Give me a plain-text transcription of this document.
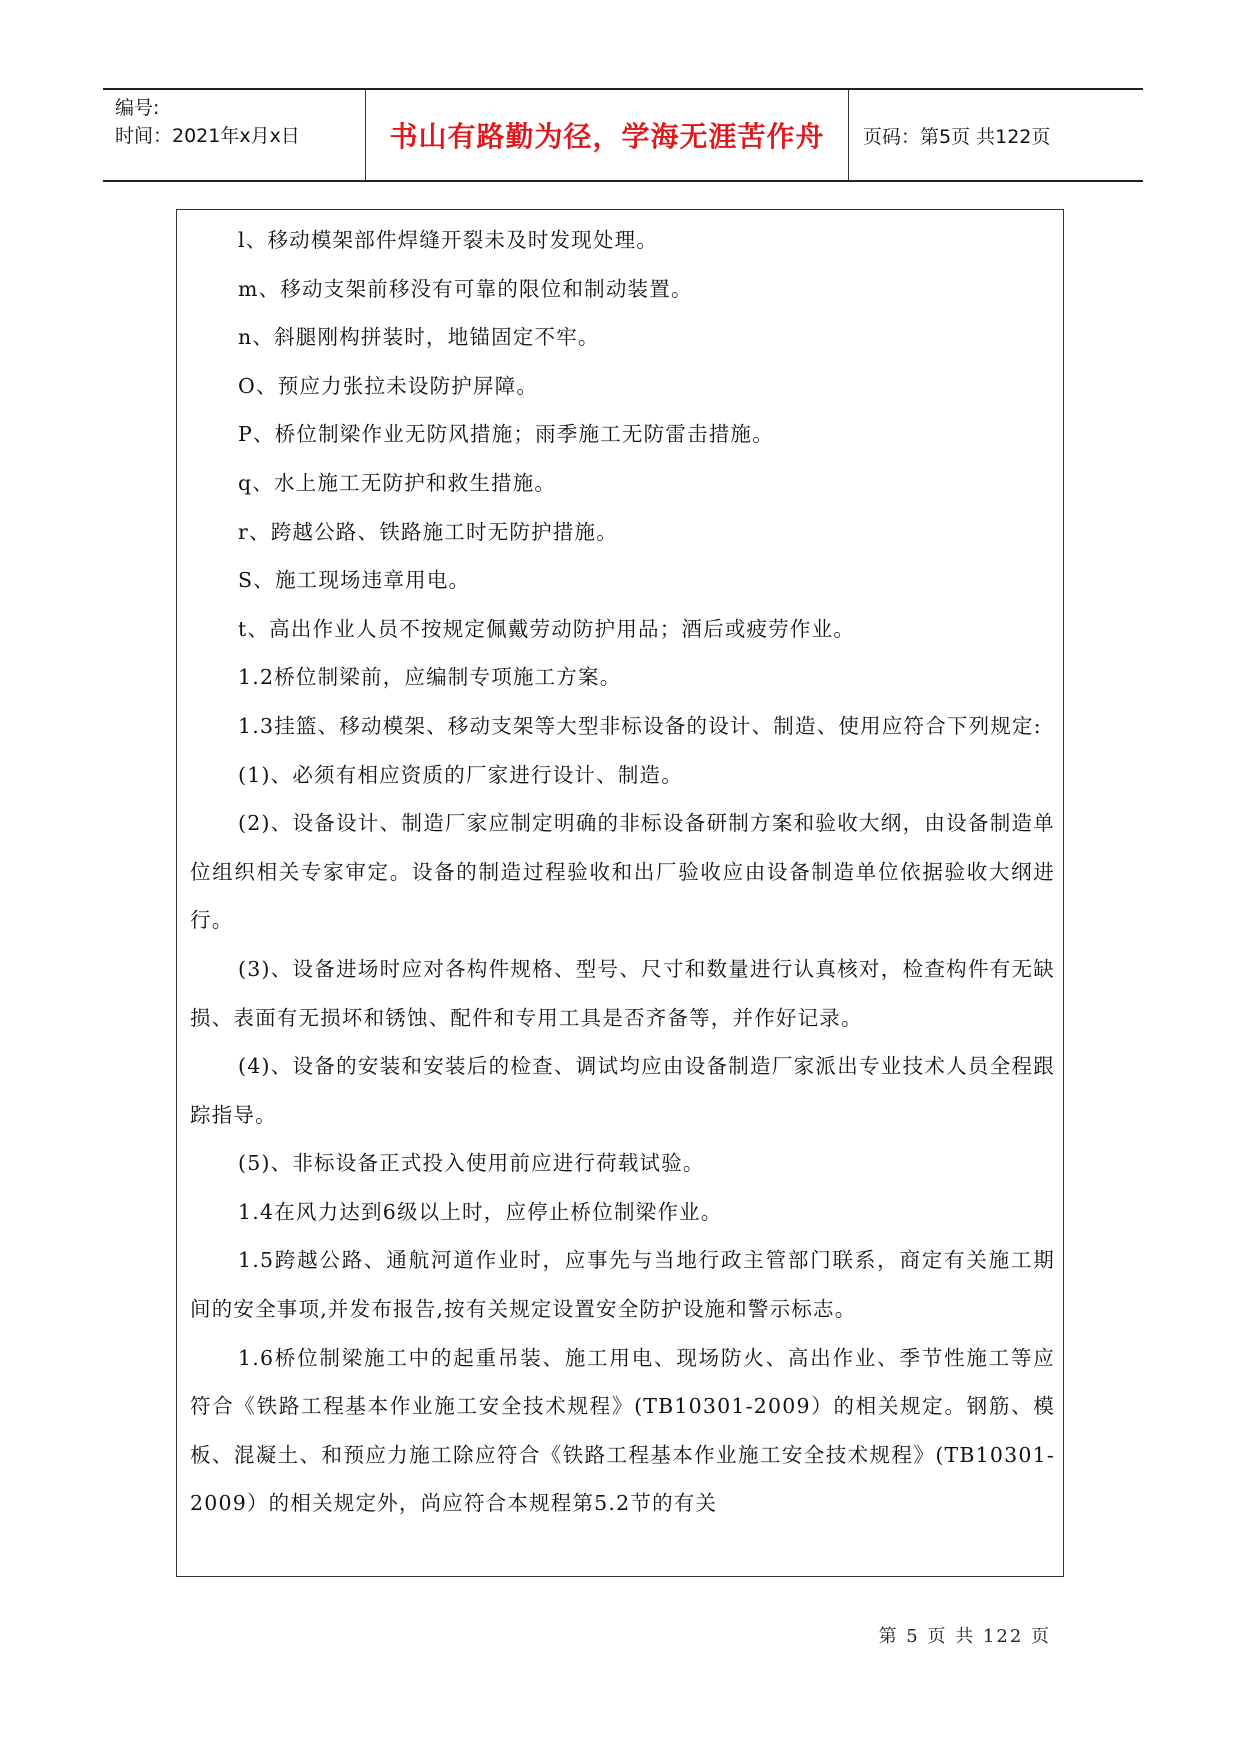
编号:
时间：2021年x月x日	书山有路勤为径，学海无涯苦作舟	页码：第5页 共122页

l、移动模架部件焊缝开裂未及时发现处理。

m、移动支架前移没有可靠的限位和制动装置。

n、斜腿刚构拼装时，地锚固定不牢。

O、预应力张拉未设防护屏障。

P、桥位制梁作业无防风措施；雨季施工无防雷击措施。

q、水上施工无防护和救生措施。

r、跨越公路、铁路施工时无防护措施。

S、施工现场违章用电。

t、高出作业人员不按规定佩戴劳动防护用品；酒后或疲劳作业。

1.2桥位制梁前，应编制专项施工方案。

1.3挂篮、移动模架、移动支架等大型非标设备的设计、制造、使用应符合下列规定:

(1)、必须有相应资质的厂家进行设计、制造。

(2)、设备设计、制造厂家应制定明确的非标设备研制方案和验收大纲，由设备制造单位组织相关专家审定。设备的制造过程验收和出厂验收应由设备制造单位依据验收大纲进行。

(3)、设备进场时应对各构件规格、型号、尺寸和数量进行认真核对，检查构件有无缺损、表面有无损坏和锈蚀、配件和专用工具是否齐备等，并作好记录。

(4)、设备的安装和安装后的检查、调试均应由设备制造厂家派出专业技术人员全程跟踪指导。

(5)、非标设备正式投入使用前应进行荷载试验。

1.4在风力达到6级以上时，应停止桥位制梁作业。

1.5跨越公路、通航河道作业时，应事先与当地行政主管部门联系，商定有关施工期间的安全事项,并发布报告,按有关规定设置安全防护设施和警示标志。

1.6桥位制梁施工中的起重吊装、施工用电、现场防火、高出作业、季节性施工等应符合《铁路工程基本作业施工安全技术规程》(TB10301-2009）的相关规定。钢筋、模板、混凝土、和预应力施工除应符合《铁路工程基本作业施工安全技术规程》(TB10301-2009）的相关规定外，尚应符合本规程第5.2节的有关

第 5 页 共 122 页
